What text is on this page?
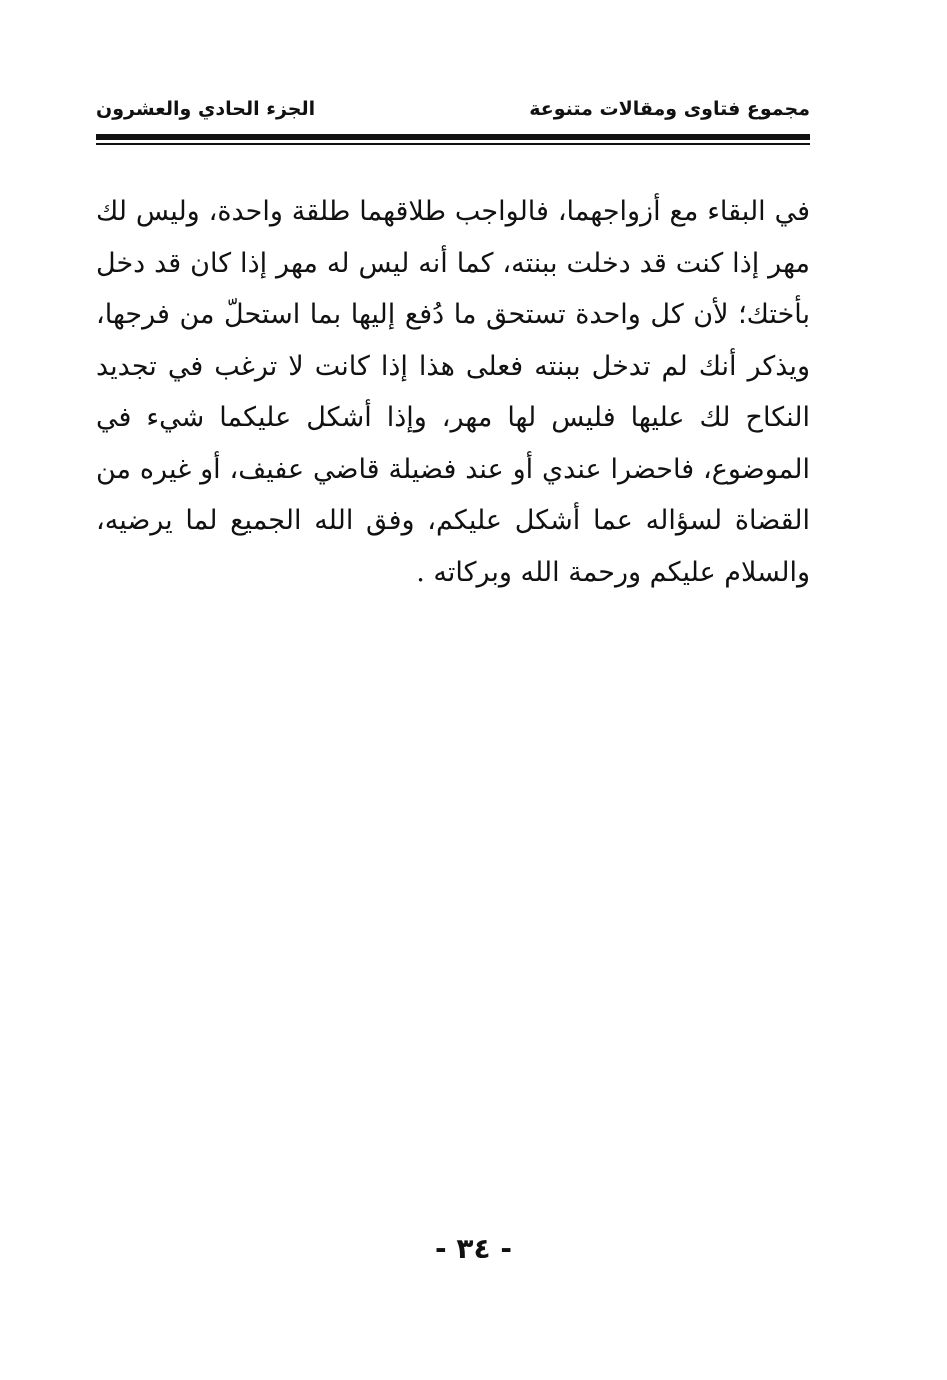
مجموع فتاوى ومقالات متنوعة
الجزء الحادي والعشرون

في البقاء مع أزواجهما، فالواجب طلاقهما طلقة واحدة، وليس لك مهر إذا كنت قد دخلت ببنته، كما أنه ليس له مهر إذا كان قد دخل بأختك؛ لأن كل واحدة تستحق ما دُفع إليها بما استحلّ من فرجها، ويذكر أنك لم تدخل ببنته فعلى هذا إذا كانت لا ترغب في تجديد النكاح لك عليها فليس لها مهر، وإذا أشكل عليكما شيء في الموضوع، فاحضرا عندي أو عند فضيلة قاضي عفيف، أو غيره من القضاة لسؤاله عما أشكل عليكم، وفق الله الجميع لما يرضيه، والسلام عليكم ورحمة الله وبركاته .

- ٣٤ -
